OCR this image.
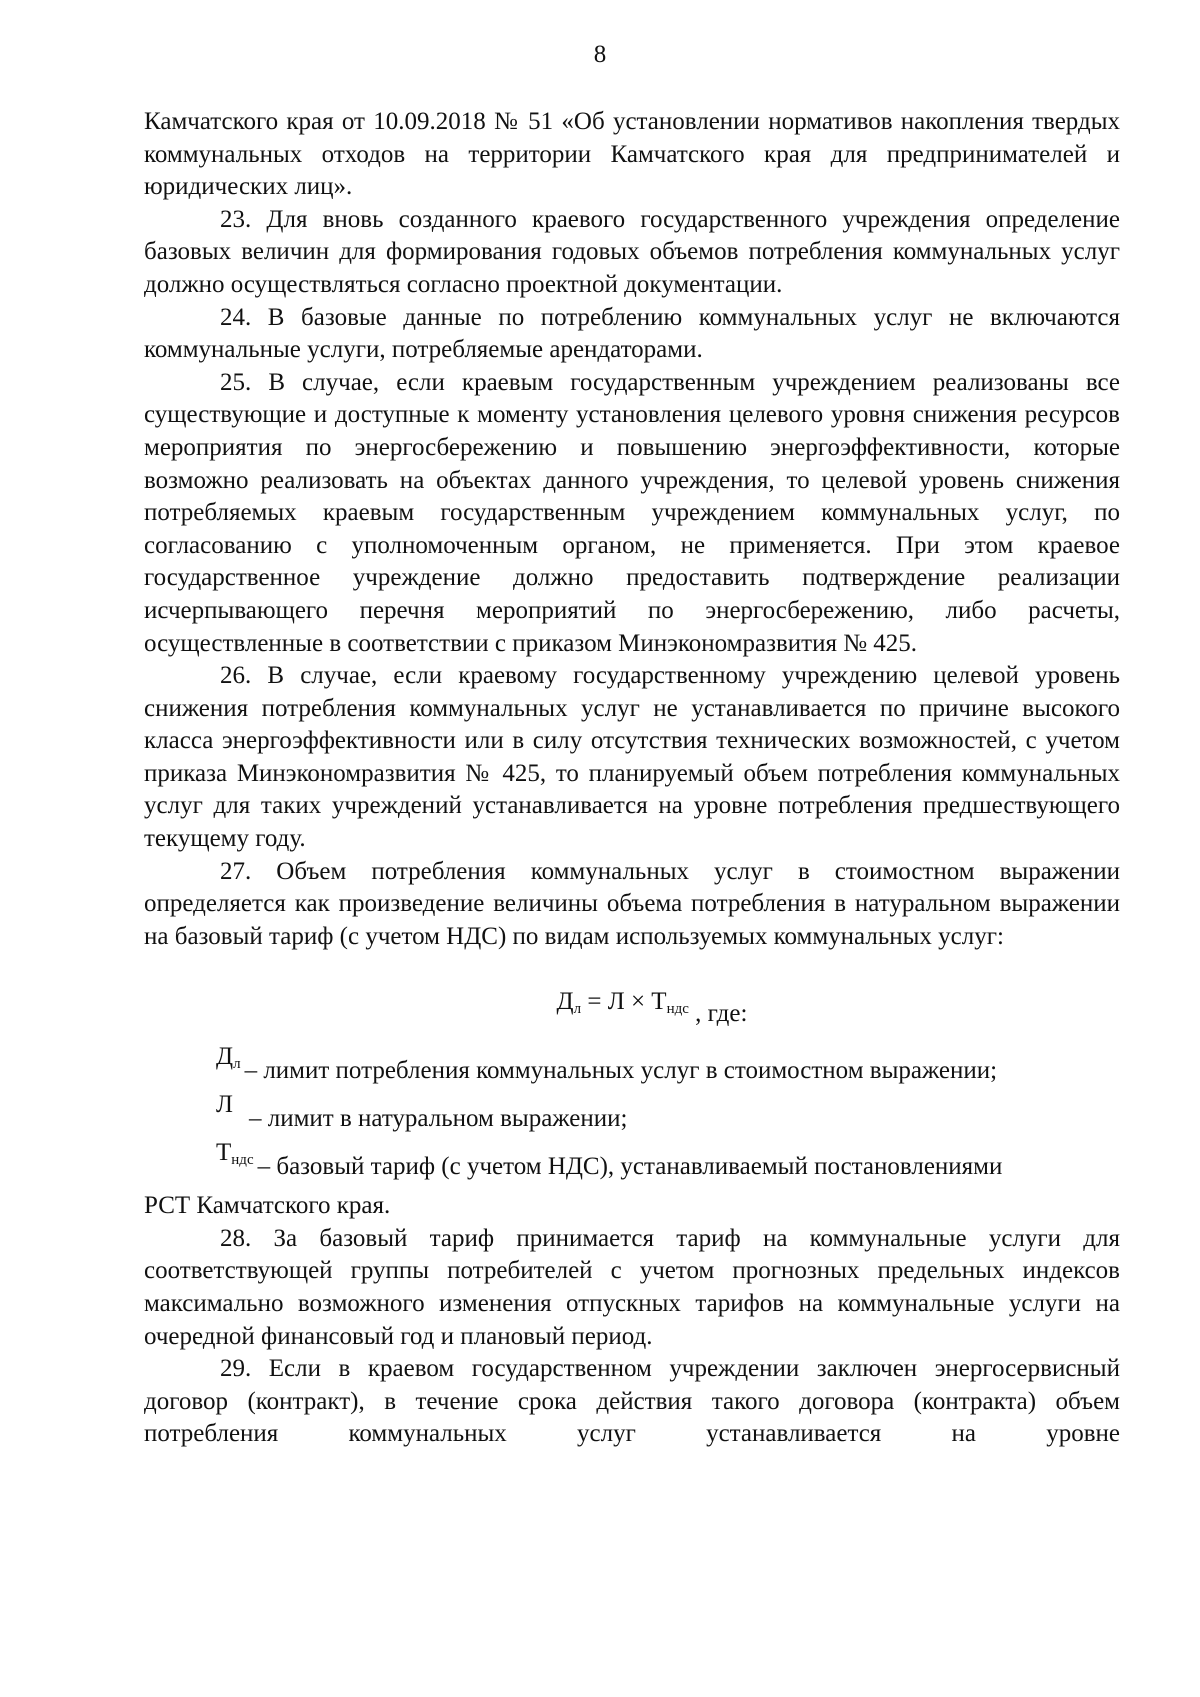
8

Камчатского края от 10.09.2018 № 51 «Об установлении нормативов накопления твердых коммунальных отходов на территории Камчатского края для предпринимателей и юридических лиц».

23. Для вновь созданного краевого государственного учреждения определение базовых величин для формирования годовых объемов потребления коммунальных услуг должно осуществляться согласно проектной документации.

24. В базовые данные по потреблению коммунальных услуг не включаются коммунальные услуги, потребляемые арендаторами.

25. В случае, если краевым государственным учреждением реализованы все существующие и доступные к моменту установления целевого уровня снижения ресурсов мероприятия по энергосбережению и повышению энергоэффективности, которые возможно реализовать на объектах данного учреждения, то целевой уровень снижения потребляемых краевым государственным учреждением коммунальных услуг, по согласованию с уполномоченным органом, не применяется. При этом краевое государственное учреждение должно предоставить подтверждение реализации исчерпывающего перечня мероприятий по энергосбережению, либо расчеты, осуществленные в соответствии с приказом Минэкономразвития № 425.

26. В случае, если краевому государственному учреждению целевой уровень снижения потребления коммунальных услуг не устанавливается по причине высокого класса энергоэффективности или в силу отсутствия технических возможностей, с учетом приказа Минэкономразвития № 425, то планируемый объем потребления коммунальных услуг для таких учреждений устанавливается на уровне потребления предшествующего текущему году.

27. Объем потребления коммунальных услуг в стоимостном выражении определяется как произведение величины объема потребления в натуральном выражении на базовый тариф (с учетом НДС) по видам используемых коммунальных услуг:

$Д_л = Л \times Т_{ндс}$ , где:

$Д_л$ – лимит потребления коммунальных услуг в стоимостном выражении;

Л– лимит в натуральном выражении;

$Т_{ндс}$ – базовый тариф (с учетом НДС), устанавливаемый постановлениями

РСТ Камчатского края.

28. За базовый тариф принимается тариф на коммунальные услуги для соответствующей группы потребителей с учетом прогнозных предельных индексов максимально возможного изменения отпускных тарифов на коммунальные услуги на очередной финансовый год и плановый период.

29. Если в краевом государственном учреждении заключен энергосервисный договор (контракт), в течение срока действия такого договора (контракта) объем потребления коммунальных услуг устанавливается на уровне
